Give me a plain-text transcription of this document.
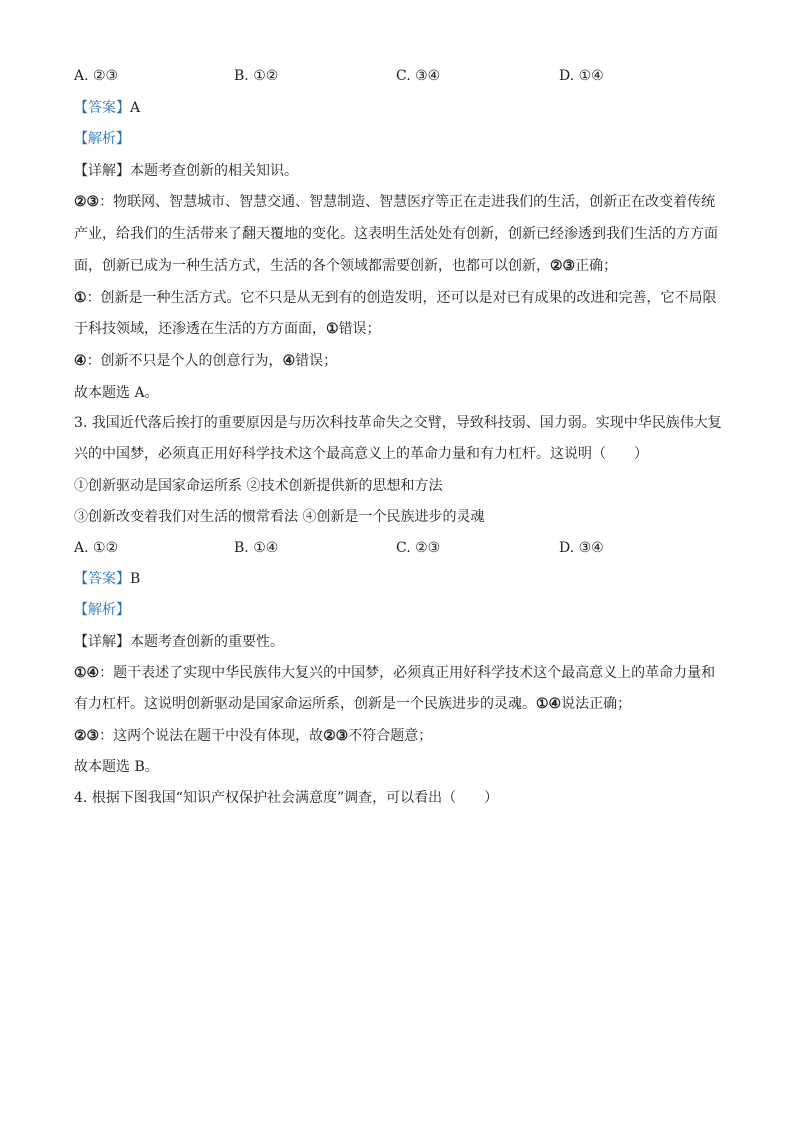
A. ②③	B. ①②	C. ③④	D. ①④
【答案】A
【解析】
【详解】本题考查创新的相关知识。
②③：物联网、智慧城市、智慧交通、智慧制造、智慧医疗等正在走进我们的生活，创新正在改变着传统
产业，给我们的生活带来了翻天覆地的变化。这表明生活处处有创新，创新已经渗透到我们生活的方方面
面，创新已成为一种生活方式，生活的各个领域都需要创新，也都可以创新，②③正确；
①：创新是一种生活方式。它不只是从无到有的创造发明，还可以是对已有成果的改进和完善，它不局限
于科技领域，还渗透在生活的方方面面，①错误；
④：创新不只是个人的创意行为，④错误；
故本题选 A。
3. 我国近代落后挨打的重要原因是与历次科技革命失之交臂，导致科技弱、国力弱。实现中华民族伟大复
兴的中国梦，必须真正用好科学技术这个最高意义上的革命力量和有力杠杆。这说明（　　）
①创新驱动是国家命运所系 ②技术创新提供新的思想和方法
③创新改变着我们对生活的惯常看法 ④创新是一个民族进步的灵魂
A. ①②	B. ①④	C. ②③	D. ③④
【答案】B
【解析】
【详解】本题考查创新的重要性。
①④：题干表述了实现中华民族伟大复兴的中国梦，必须真正用好科学技术这个最高意义上的革命力量和
有力杠杆。这说明创新驱动是国家命运所系，创新是一个民族进步的灵魂。①④说法正确；
②③：这两个说法在题干中没有体现，故②③不符合题意；
故本题选 B。
4. 根据下图我国“知识产权保护社会满意度”调查，可以看出（　　）
